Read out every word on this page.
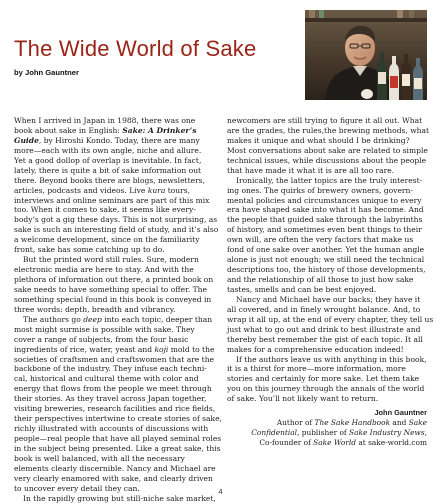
The Wide World of Sake
by John Gauntner
When I arrived in Japan in 1988, there was one
book about sake in English: Sake: A Drinker’s
Guide, by Hiroshi Kondo. Today, there are many
more—each with its own angle, niche and allure.
Yet a good dollop of overlap is inevitable. In fact,
lately, there is quite a bit of sake information out
there. Beyond books there are blogs, newsletters,
articles, podcasts and videos. Live kura tours,
interviews and online seminars are part of this mix
too. When it comes to sake, it seems like every-
body’s got a gig these days. This is not surprising, as
sake is such an interesting field of study, and it’s also
a welcome development, since on the familiarity
front, sake has some catching up to do.
But the printed word still rules. Sure, modern
electronic media are here to stay. And with the
plethora of information out there, a printed book on
sake needs to have something special to offer. The
something special found in this book is conveyed in
three words: depth, breadth and vibrancy.
The authors go deep into each topic, deeper than
most might surmise is possible with sake. They
cover a range of subjects, from the four basic
ingredients of rice, water, yeast and koji mold to the
societies of craftsmen and craftswomen that are the
backbone of the industry. They infuse each techni-
cal, historical and cultural theme with color and
energy that flows from the people we meet through
their stories. As they travel across Japan together,
visiting breweries, research facilities and rice fields,
their perspectives intertwine to create stories of sake,
richly illustrated with accounts of discussions with
people—real people that have all played seminal roles
in the subject being presented. Like a great sake, this
book is well balanced, with all the necessary
elements clearly discernible. Nancy and Michael are
very clearly enamored with sake, and clearly driven
to uncover every detail they can.
In the rapidly growing but still-niche sake market,
newcomers are still trying to figure it all out. What
are the grades, the rules,the brewing methods, what
makes it unique and what should I be drinking?
Most conversations about sake are related to simple
technical issues, while discussions about the people
that have made it what it is are all too rare.
Ironically, the latter topics are the truly interest-
ing ones. The quirks of brewery owners, govern-
mental policies and circumstances unique to every
era have shaped sake into what it has become. And
the people that guided sake through the labyrinths
of history, and sometimes even bent things to their
own will, are often the very factors that make us
fond of one sake over another. Yet the human angle
alone is just not enough; we still need the technical
descriptions too, the history of those developments,
and the relationship of all those to just how sake
tastes, smells and can be best enjoyed.
Nancy and Michael have our backs; they have it
all covered, and in finely wrought balance. And, to
wrap it all up, at the end of every chapter, they tell us
just what to go out and drink to best illustrate and
thereby best remember the gist of each topic. It all
makes for a comprehensive education indeed!
If the authors leave us with anything in this book,
it is a thirst for more—more information, more
stories and certainly for more sake. Let them take
you on this journey through the annals of the world
of sake. You’ll not likely want to return.
John Gauntner
Author of The Sake Handbook and Sake
Confidential, publisher of Sake Industry News,
Co-founder of Sake World at sake-world.com
4
